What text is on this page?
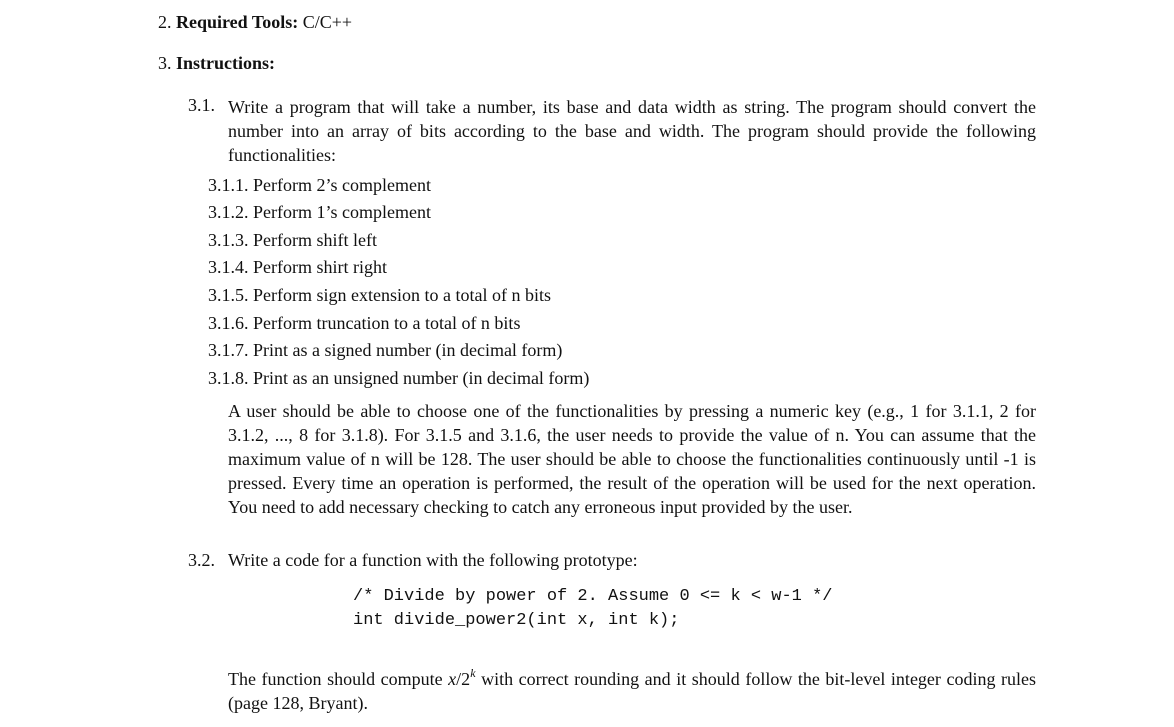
2. Required Tools: C/C++
3. Instructions:
3.1. Write a program that will take a number, its base and data width as string. The program should convert the number into an array of bits according to the base and width. The program should provide the following functionalities:
3.1.1. Perform 2’s complement
3.1.2. Perform 1’s complement
3.1.3. Perform shift left
3.1.4. Perform shirt right
3.1.5. Perform sign extension to a total of n bits
3.1.6. Perform truncation to a total of n bits
3.1.7. Print as a signed number (in decimal form)
3.1.8. Print as an unsigned number (in decimal form)
A user should be able to choose one of the functionalities by pressing a numeric key (e.g., 1 for 3.1.1, 2 for 3.1.2, ..., 8 for 3.1.8). For 3.1.5 and 3.1.6, the user needs to provide the value of n. You can assume that the maximum value of n will be 128. The user should be able to choose the functionalities continuously until -1 is pressed. Every time an operation is performed, the result of the operation will be used for the next operation. You need to add necessary checking to catch any erroneous input provided by the user.
3.2. Write a code for a function with the following prototype:
/* Divide by power of 2. Assume 0 <= k < w-1 */
int divide_power2(int x, int k);
The function should compute x/2$^k$ with correct rounding and it should follow the bit-level integer coding rules (page 128, Bryant).
